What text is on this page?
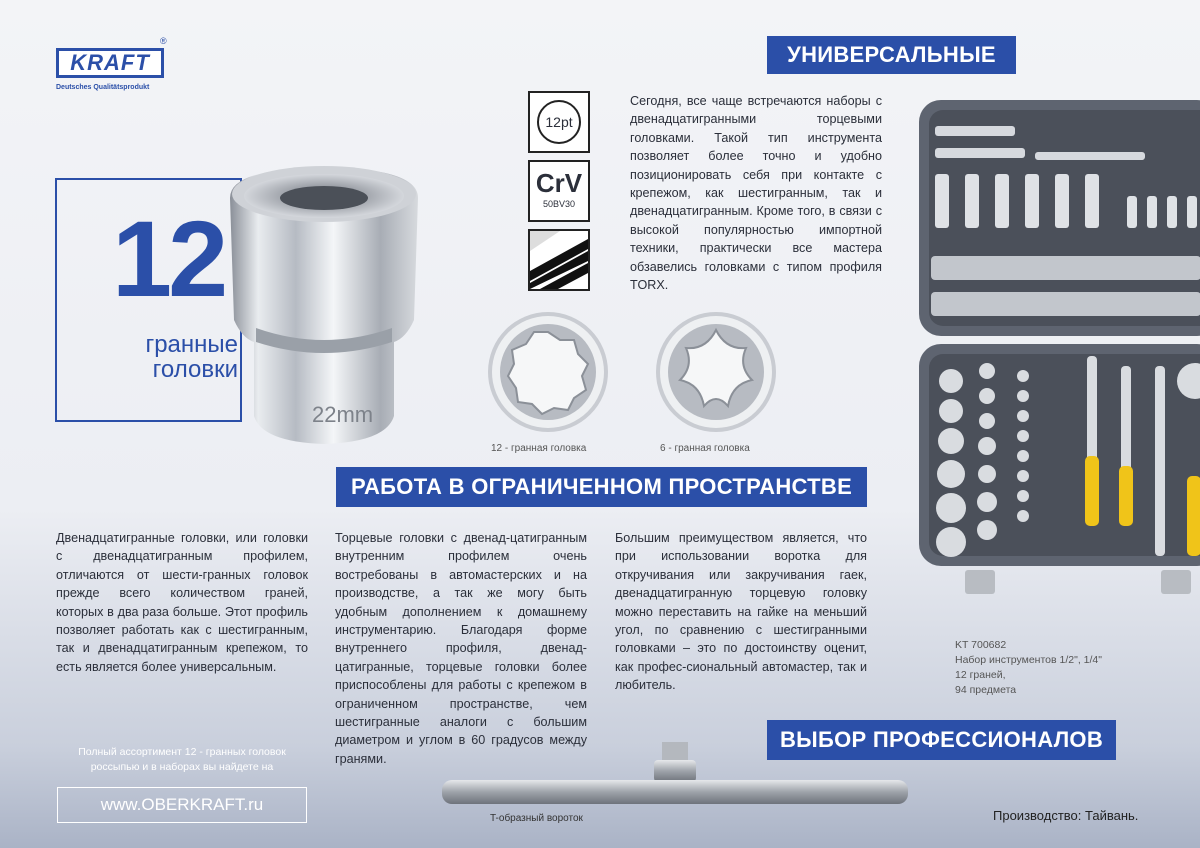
KRAFT
®
Deutsches Qualitätsprodukt
22mm
12
гранные
головки
УНИВЕРСАЛЬНЫЕ
РАБОТА В ОГРАНИЧЕННОМ ПРОСТРАНСТВЕ
ВЫБОР ПРОФЕССИОНАЛОВ
12pt
CrV
50BV30
Сегодня, все чаще встречаются наборы с двенадцатигранными торцевыми головками. Такой тип инструмента позволяет более точно и удобно позиционировать себя при контакте с крепежом, как шестигранным, так и двенадцатигранным. Кроме того, в связи с высокой популярностью импортной техники, практически все мастера обзавелись головками с типом профиля TORX.
12 - гранная головка	6 - гранная головка
KT 700682
Набор инструментов 1/2", 1/4"
12 граней,
94 предмета
Двенадцатигранные головки, или головки с двенадцатигранным профилем, отличаются от шести-гранных головок прежде всего количеством граней, которых в два раза больше. Этот профиль позволяет работать как с шестигранным, так и двенадцатигранным крепежом, то есть является более универсальным.
Торцевые головки с двенад-цатигранным внутренним профилем очень востребованы в автомастерских и на производстве, а так же могу быть удобным дополнением к домашнему инструментарию. Благодаря форме внутреннего профиля, двенад-цатигранные, торцевые головки более приспособлены для работы с крепежом в ограниченном пространстве, чем шестигранные аналоги с большим диаметром и углом в 60 градусов между гранями.
Большим преимуществом является, что при использовании воротка для откручивания или закручивания гаек, двенадцатигранную торцевую головку можно переставить на гайке на меньший угол, по сравнению с шестигранными головками – это по достоинству оценит, как профес-сиональный автомастер, так и любитель.
Полный ассортимент 12 - гранных головок россыпью и в наборах вы найдете на
www.OBERKRAFT.ru
T-образный вороток	Производство: Тайвань.
